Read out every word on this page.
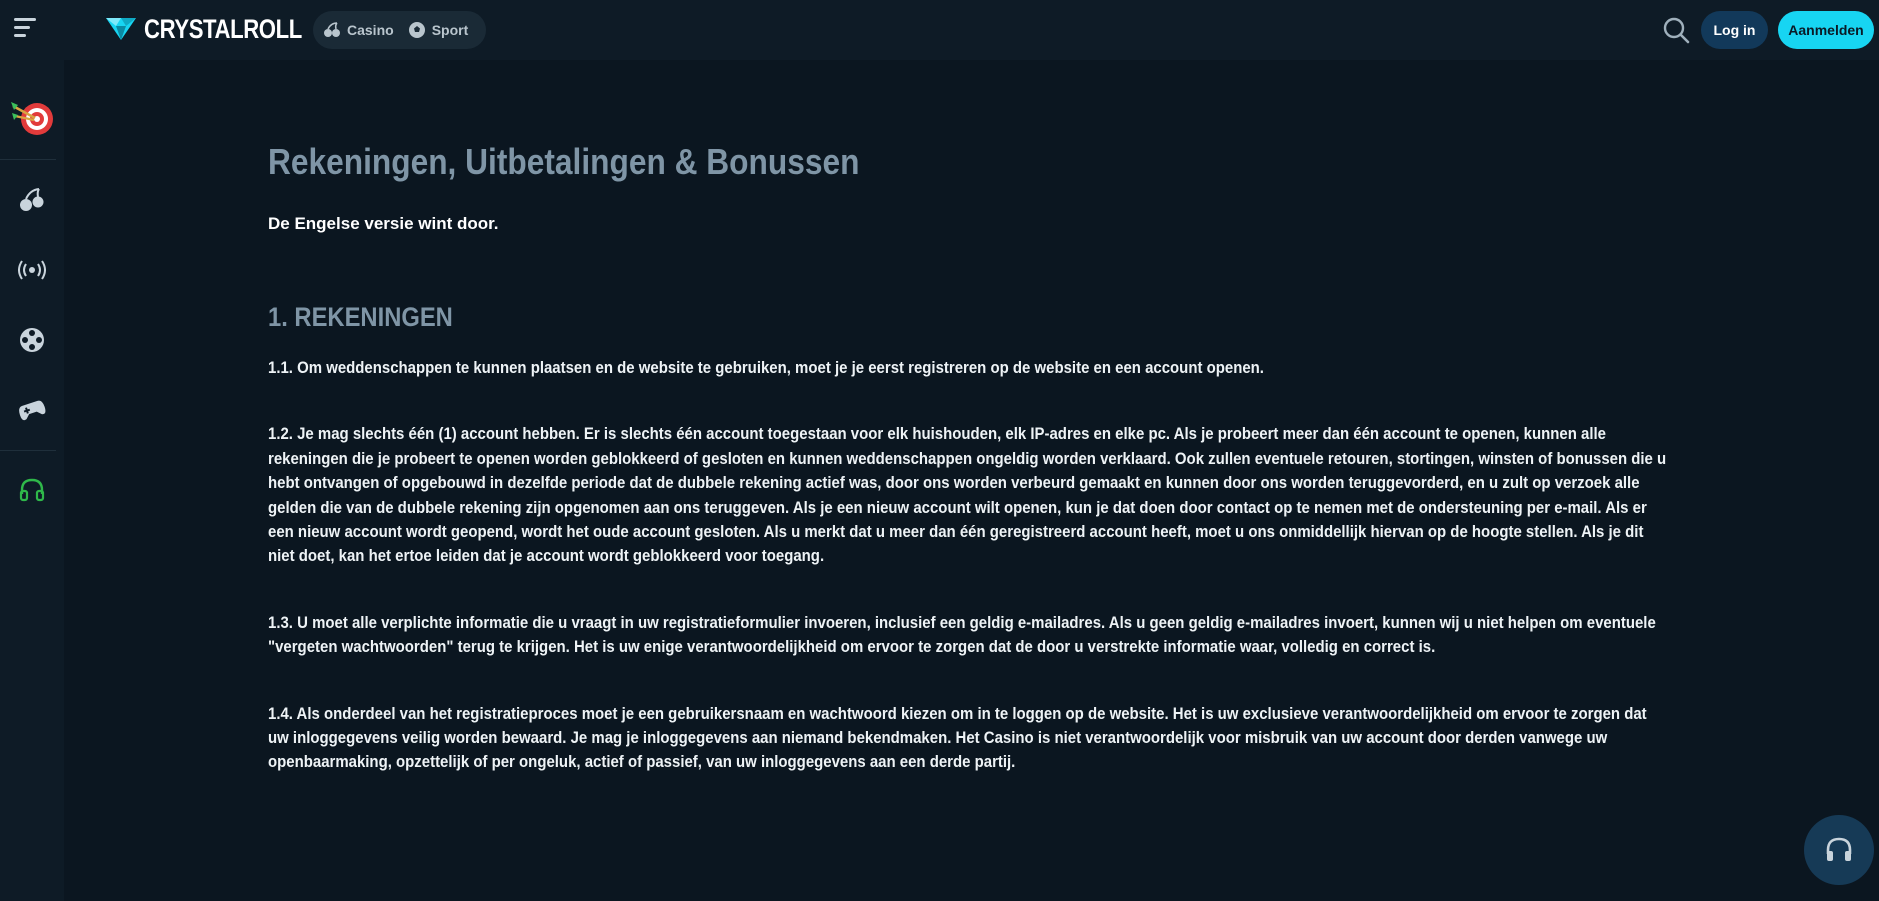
CRYSTALROLL	Casino	Sport	Log in	Aanmelden
Rekeningen, Uitbetalingen & Bonussen

De Engelse versie wint door.

1. REKENINGEN

1.1. Om weddenschappen te kunnen plaatsen en de website te gebruiken, moet je je eerst registreren op de website en een account openen.

1.2. Je mag slechts één (1) account hebben. Er is slechts één account toegestaan voor elk huishouden, elk IP-adres en elke pc. Als je probeert meer dan één account te openen, kunnen alle rekeningen die je probeert te openen worden geblokkeerd of gesloten en kunnen weddenschappen ongeldig worden verklaard. Ook zullen eventuele retouren, stortingen, winsten of bonussen die u hebt ontvangen of opgebouwd in dezelfde periode dat de dubbele rekening actief was, door ons worden verbeurd gemaakt en kunnen door ons worden teruggevorderd, en u zult op verzoek alle gelden die van de dubbele rekening zijn opgenomen aan ons teruggeven. Als je een nieuw account wilt openen, kun je dat doen door contact op te nemen met de ondersteuning per e-mail. Als er een nieuw account wordt geopend, wordt het oude account gesloten. Als u merkt dat u meer dan één geregistreerd account heeft, moet u ons onmiddellijk hiervan op de hoogte stellen. Als je dit niet doet, kan het ertoe leiden dat je account wordt geblokkeerd voor toegang.

1.3. U moet alle verplichte informatie die u vraagt in uw registratieformulier invoeren, inclusief een geldig e-mailadres. Als u geen geldig e-mailadres invoert, kunnen wij u niet helpen om eventuele "vergeten wachtwoorden" terug te krijgen. Het is uw enige verantwoordelijkheid om ervoor te zorgen dat de door u verstrekte informatie waar, volledig en correct is.

1.4. Als onderdeel van het registratieproces moet je een gebruikersnaam en wachtwoord kiezen om in te loggen op de website. Het is uw exclusieve verantwoordelijkheid om ervoor te zorgen dat uw inloggegevens veilig worden bewaard. Je mag je inloggegevens aan niemand bekendmaken. Het Casino is niet verantwoordelijk voor misbruik van uw account door derden vanwege uw openbaarmaking, opzettelijk of per ongeluk, actief of passief, van uw inloggegevens aan een derde partij.
